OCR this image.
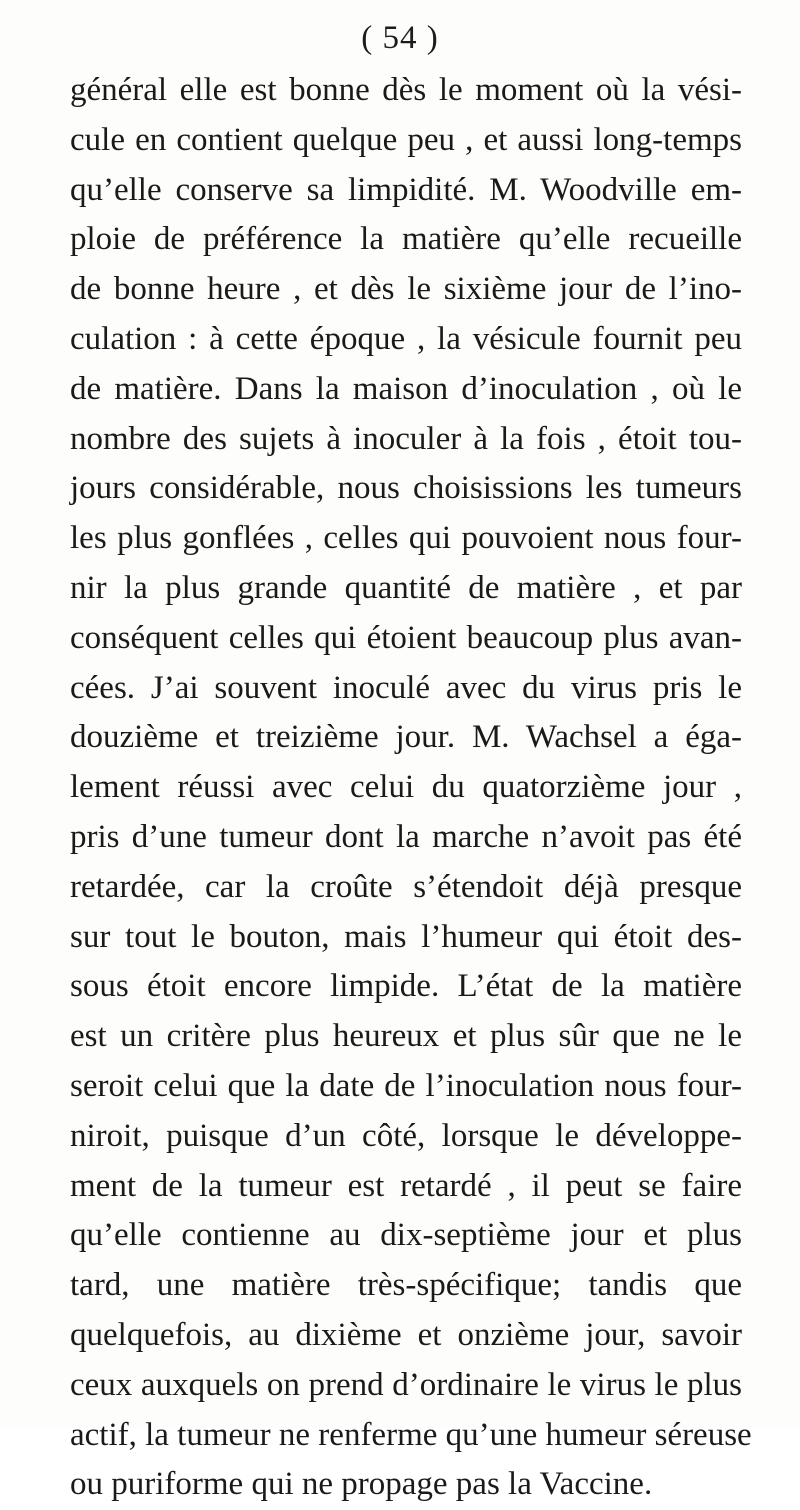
( 54 )
général elle est bonne dès le moment où la vési-
cule en contient quelque peu , et aussi long-temps
qu’elle conserve sa limpidité. M. Woodville em-
ploie de préférence la matière qu’elle recueille
de bonne heure , et dès le sixième jour de l’ino-
culation : à cette époque , la vésicule fournit peu
de matière. Dans la maison d’inoculation , où le
nombre des sujets à inoculer à la fois , étoit tou-
jours considérable, nous choisissions les tumeurs
les plus gonflées , celles qui pouvoient nous four-
nir la plus grande quantité de matière , et par
conséquent celles qui étoient beaucoup plus avan-
cées. J’ai souvent inoculé avec du virus pris le
douzième et treizième jour. M. Wachsel a éga-
lement réussi avec celui du quatorzième jour ,
pris d’une tumeur dont la marche n’avoit pas été
retardée, car la croûte s’étendoit déjà presque
sur tout le bouton, mais l’humeur qui étoit des-
sous étoit encore limpide. L’état de la matière
est un critère plus heureux et plus sûr que ne le
seroit celui que la date de l’inoculation nous four-
niroit, puisque d’un côté, lorsque le développe-
ment de la tumeur est retardé , il peut se faire
qu’elle contienne au dix-septième jour et plus
tard, une matière très-spécifique; tandis que
quelquefois, au dixième et onzième jour, savoir
ceux auxquels on prend d’ordinaire le virus le plus
actif, la tumeur ne renferme qu’une humeur séreuse
ou puriforme qui ne propage pas la Vaccine.
